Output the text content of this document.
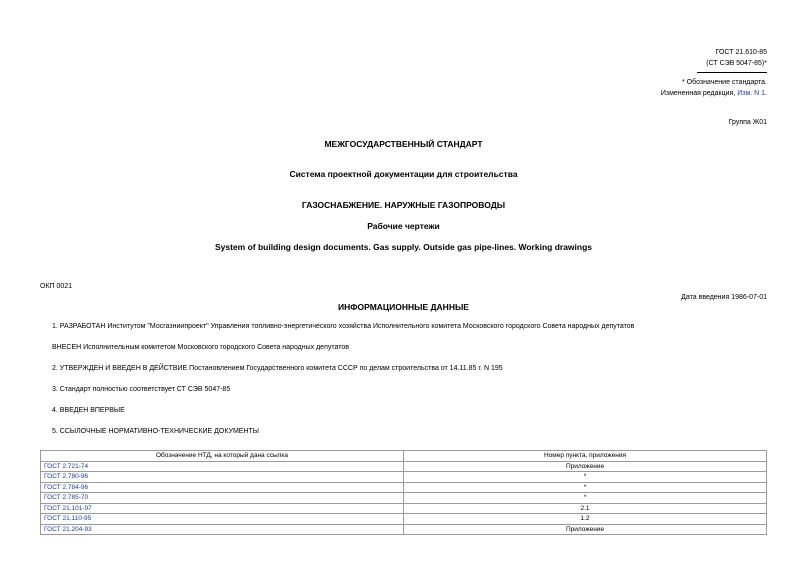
ГОСТ 21.610-85
(СТ СЭВ 5047-85)*
* Обозначение стандарта.
Измененная редакция, Изм. N 1.
Группа Ж01
МЕЖГОСУДАРСТВЕННЫЙ СТАНДАРТ
Система проектной документации для строительства
ГАЗОСНАБЖЕНИЕ. НАРУЖНЫЕ ГАЗОПРОВОДЫ
Рабочие чертежи
System of building design documents. Gas supply. Outside gas pipe-lines. Working drawings
ОКП 0021
Дата введения 1986-07-01
ИНФОРМАЦИОННЫЕ ДАННЫЕ
1. РАЗРАБОТАН Институтом "Мосгазниипроект" Управления топливно-энергетического хозяйства Исполнительного комитета Московского городского Совета народных депутатов
ВНЕСЕН Исполнительным комитетом Московского городского Совета народных депутатов
2. УТВЕРЖДЕН И ВВЕДЕН В ДЕЙСТВИЕ Постановлением Государственного комитета СССР по делам строительства от 14.11.85 г. N 195
3. Стандарт полностью соответствует СТ СЭВ 5047-85
4. ВВЕДЕН ВПЕРВЫЕ
5. ССЫЛОЧНЫЕ НОРМАТИВНО-ТЕХНИЧЕСКИЕ ДОКУМЕНТЫ
Обозначение НТД, на который дана ссылка	Номер пункта, приложения
ГОСТ 2.721-74	Приложение
ГОСТ 2.780-96	*
ГОСТ 2.784-96	*
ГОСТ 2.785-70	*
ГОСТ 21.101-97	2.1
ГОСТ 21.110-95	1.2
ГОСТ 21.204-93	Приложение
